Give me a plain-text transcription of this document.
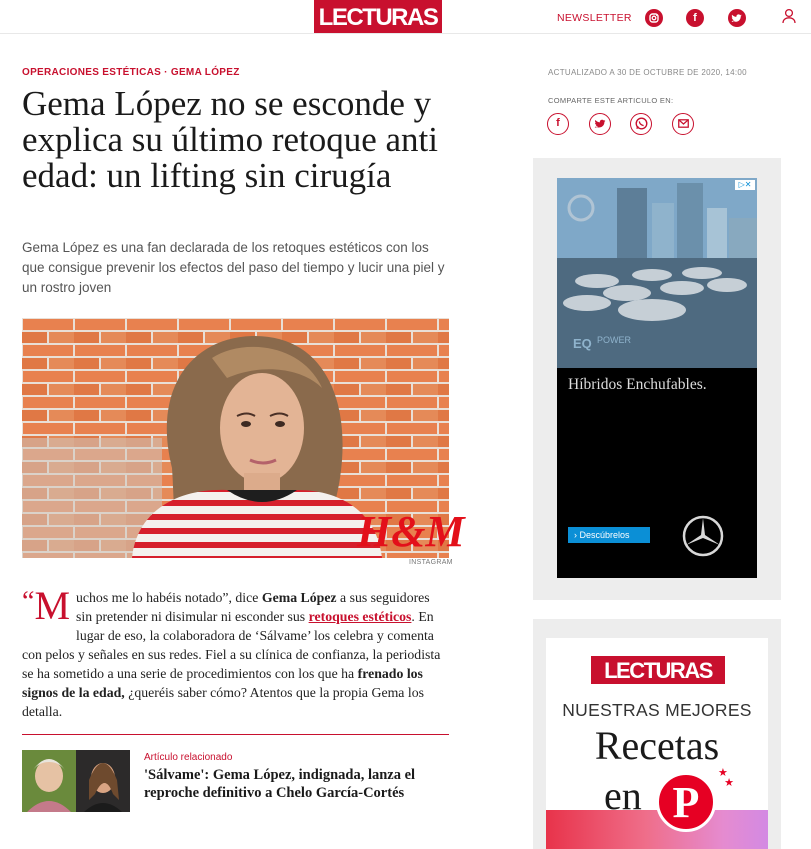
LECTURAS	NEWSLETTER	f
OPERACIONES ESTÉTICAS · GEMA LÓPEZ
Gema López no se esconde y explica su último retoque anti edad: un lifting sin cirugía

Gema López es una fan declarada de los retoques estéticos con los que consigue prevenir los efectos del paso del tiempo y lucir una piel y un rostro joven

H&M
INSTAGRAM
“M uchos me lo habéis notado”, dice Gema López a sus seguidores sin pretender ni disimular ni esconder sus retoques estéticos. En lugar de eso, la colaboradora de ‘Sálvame’ los celebra y comenta con pelos y señales en sus redes. Fiel a su clínica de confianza, la periodista se ha sometido a una serie de procedimientos con los que ha frenado los signos de la edad, ¿queréis saber cómo? Atentos que la propia Gema los detalla.
Artículo relacionado
'Sálvame': Gema López, indignada, lanza el reproche definitivo a Chelo García-Cortés
ACTUALIZADO A 30 DE OCTUBRE DE 2020, 14:00
COMPARTE ESTE ARTICULO EN:
f
EQ POWER
▷✕
Híbridos Enchufables.
› Descúbrelos
LECTURAS
NUESTRAS MEJORES
Recetas
en P
★
★
